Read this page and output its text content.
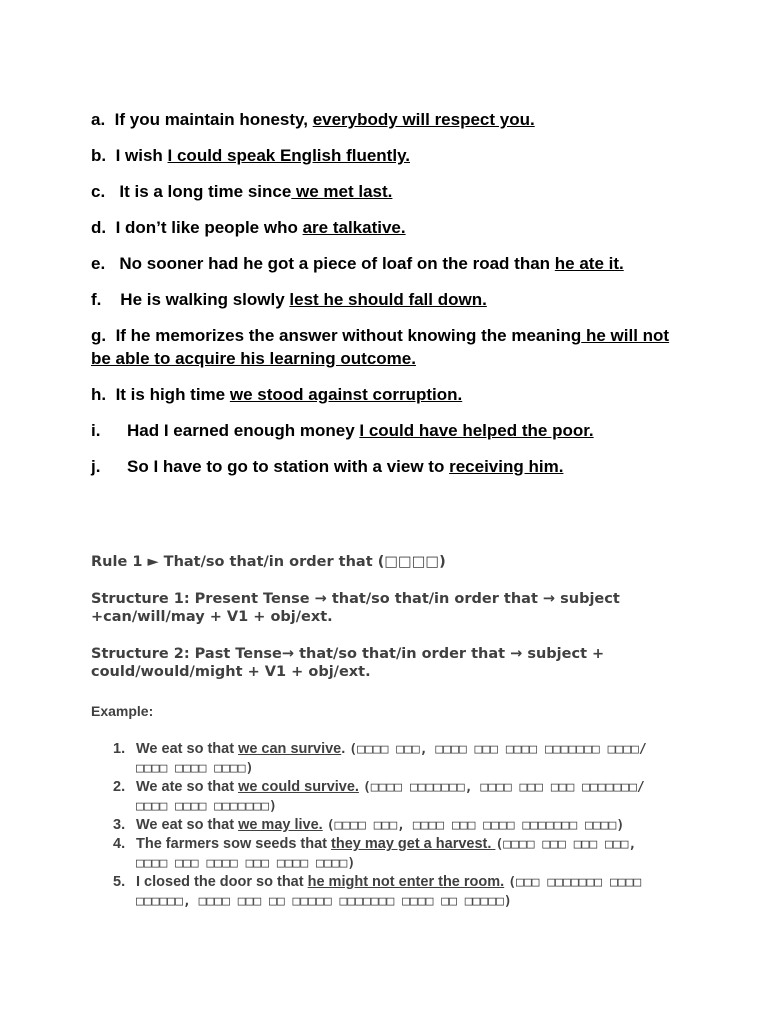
a. If you maintain honesty, everybody will respect you.

b. I wish I could speak English fluently.

c. It is a long time since we met last.

d. I don’t like people who are talkative.

e. No sooner had he got a piece of loaf on the road than he ate it.

f. He is walking slowly lest he should fall down.

g. If he memorizes the answer without knowing the meaning he will not be able to acquire his learning outcome.

h. It is high time we stood against corruption.

i. Had I earned enough money I could have helped the poor.

j. So I have to go to station with a view to receiving him.

Rule 1 ► That/so that/in order that (□□□□)

Structure 1: Present Tense → that/so that/in order that → subject +can/will/may + V1 + obj/ext.

Structure 2: Past Tense→ that/so that/in order that → subject + could/would/might + V1 + obj/ext.

Example:
1. We eat so that we can survive. (□□□□ □□□, □□□□ □□□ □□□□ □□□□□□□ □□□□/□□□□ □□□□ □□□□)
2. We ate so that we could survive. (□□□□ □□□□□□□, □□□□ □□□ □□□ □□□□□□□/□□□□ □□□□ □□□□□□□)
3. We eat so that we may live. (□□□□ □□□, □□□□ □□□ □□□□ □□□□□□□ □□□□)
4. The farmers sow seeds that they may get a harvest. (□□□□ □□□ □□□ □□□, □□□□ □□□ □□□□ □□□ □□□□ □□□□)
5. I closed the door so that he might not enter the room. (□□□ □□□□□□□ □□□□ □□□□□□, □□□□ □□□ □□ □□□□□ □□□□□□□ □□□□ □□ □□□□□)
